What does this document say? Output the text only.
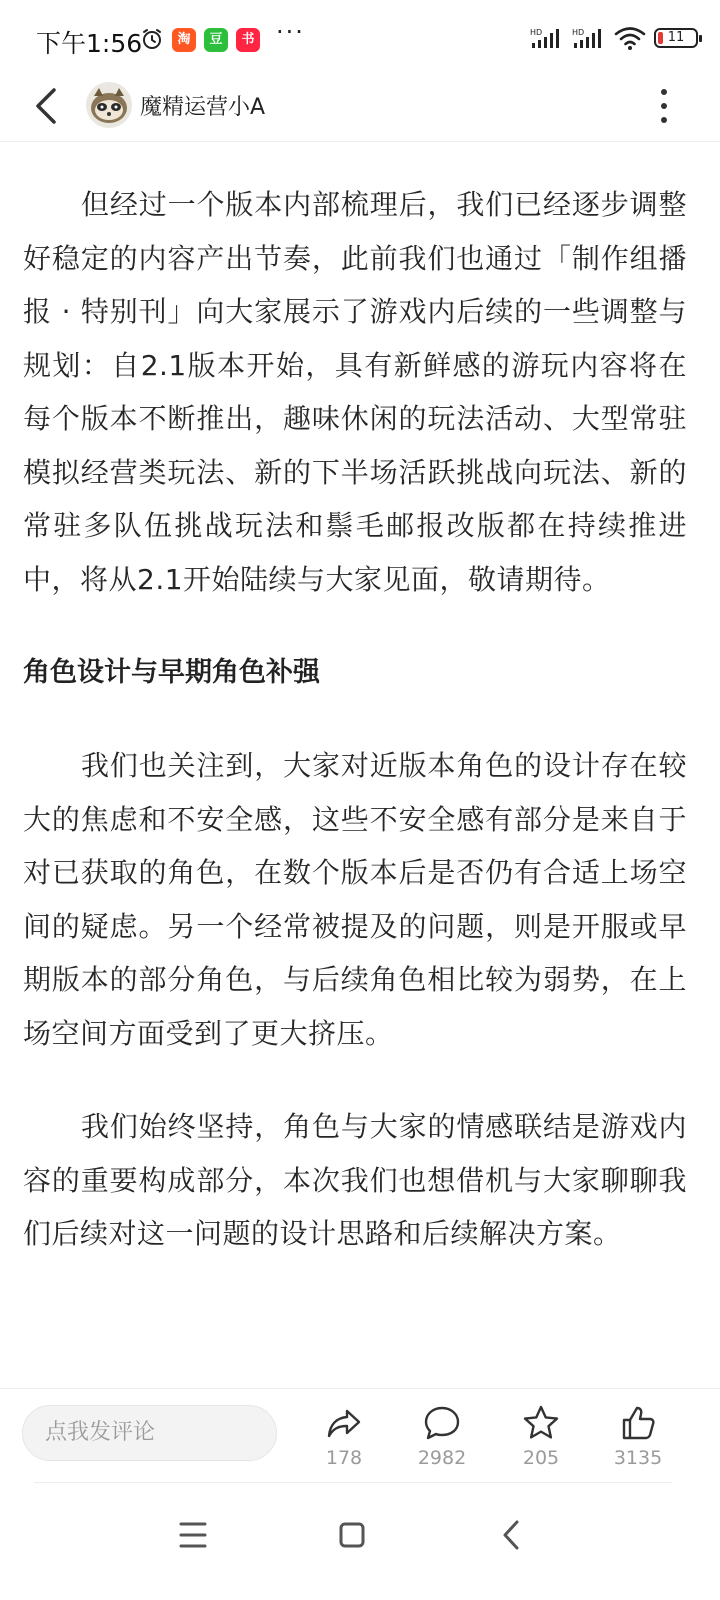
下午1:56	淘	豆	书 ···	HD	HD	11
魔精运营小A

但经过一个版本内部梳理后，我们已经逐步调整好稳定的内容产出节奏，此前我们也通过「制作组播报 · 特别刊」向大家展示了游戏内后续的一些调整与规划：自2.1版本开始，具有新鲜感的游玩内容将在每个版本不断推出，趣味休闲的玩法活动、大型常驻模拟经营类玩法、新的下半场活跃挑战向玩法、新的常驻多队伍挑战玩法和鬃毛邮报改版都在持续推进中，将从2.1开始陆续与大家见面，敬请期待。

角色设计与早期角色补强

我们也关注到，大家对近版本角色的设计存在较大的焦虑和不安全感，这些不安全感有部分是来自于对已获取的角色，在数个版本后是否仍有合适上场空间的疑虑。另一个经常被提及的问题，则是开服或早期版本的部分角色，与后续角色相比较为弱势，在上场空间方面受到了更大挤压。

我们始终坚持，角色与大家的情感联结是游戏内容的重要构成部分，本次我们也想借机与大家聊聊我们后续对这一问题的设计思路和后续解决方案。

点我发评论
178	2982	205	3135
